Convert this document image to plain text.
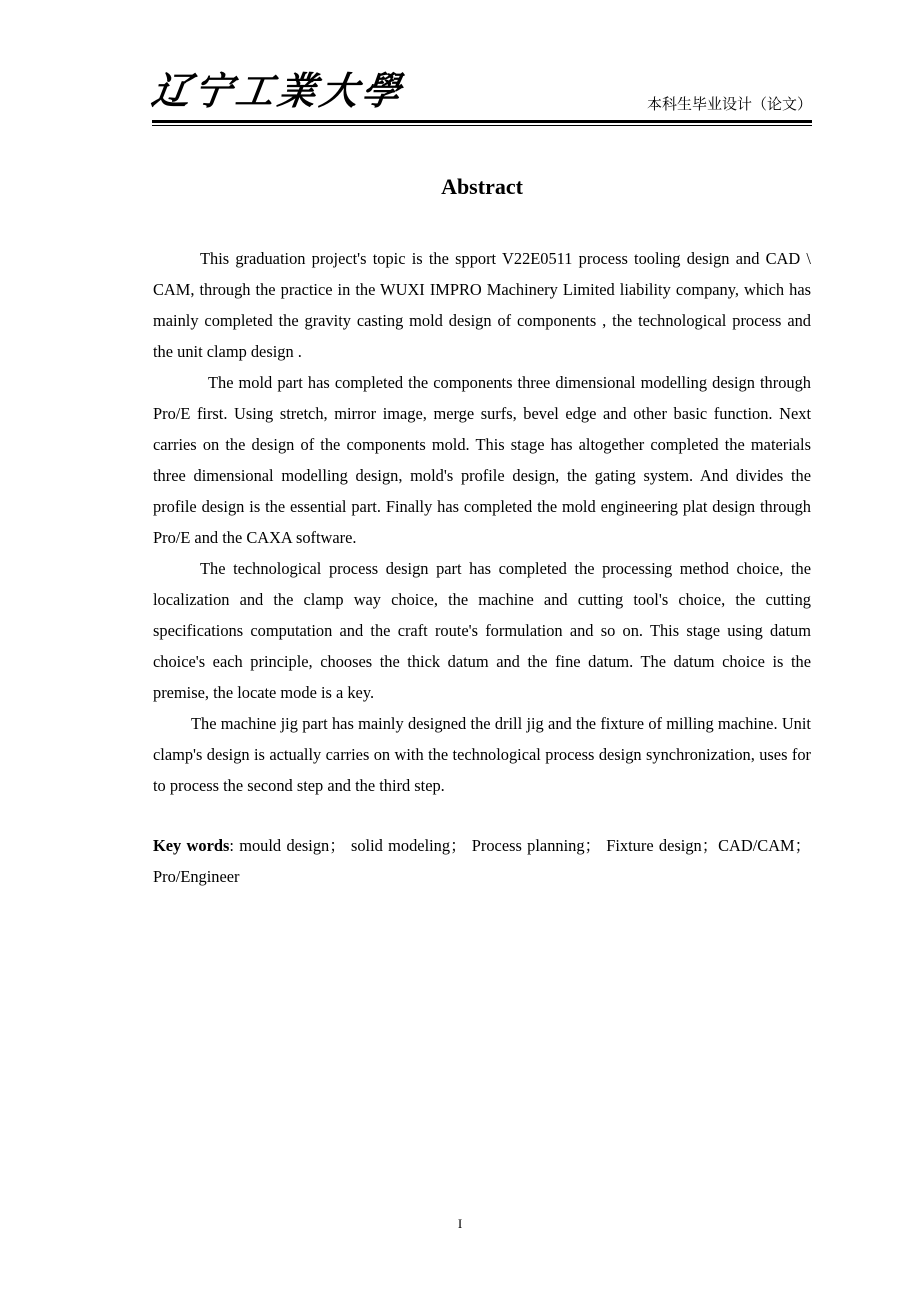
辽宁工業大學	本科生毕业设计（论文）
Abstract

This graduation project's topic is the spport V22E0511 process tooling design and CAD \ CAM, through the practice in the WUXI IMPRO Machinery Limited liability company, which has mainly completed the gravity casting mold design of components , the technological process and the unit clamp design .

The mold part has completed the components three dimensional modelling design through Pro/E first. Using stretch, mirror image, merge surfs, bevel edge and other basic function. Next carries on the design of the components mold. This stage has altogether completed the materials three dimensional modelling design, mold's profile design, the gating system. And divides the profile design is the essential part. Finally has completed the mold engineering plat design through Pro/E and the CAXA software.

The technological process design part has completed the processing method choice, the localization and the clamp way choice, the machine and cutting tool's choice, the cutting specifications computation and the craft route's formulation and so on. This stage using datum choice's each principle, chooses the thick datum and the fine datum. The datum choice is the premise, the locate mode is a key.

The machine jig part has mainly designed the drill jig and the fixture of milling machine. Unit clamp's design is actually carries on with the technological process design synchronization, uses for to process the second step and the third step.

Key words: mould design； solid modeling； Process planning； Fixture design；CAD/CAM；Pro/Engineer
I
